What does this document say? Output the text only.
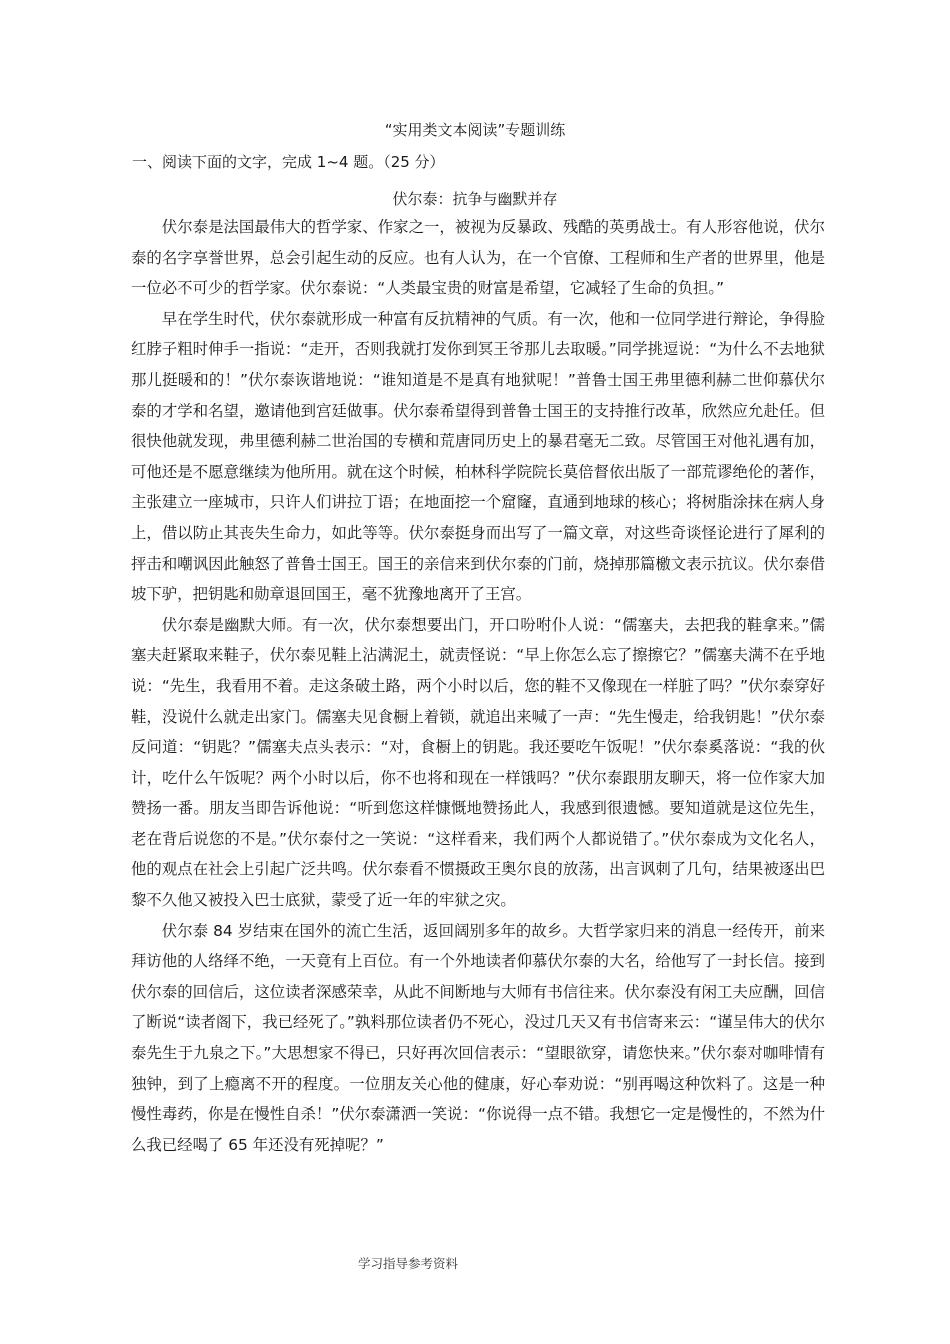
“实用类文本阅读”专题训练
一、阅读下面的文字，完成 1~4 题。（25 分）
伏尔泰：抗争与幽默并存

伏尔泰是法国最伟大的哲学家、作家之一，被视为反暴政、残酷的英勇战士。有人形容他说，伏尔泰的名字享誉世界，总会引起生动的反应。也有人认为，在一个官僚、工程师和生产者的世界里，他是一位必不可少的哲学家。伏尔泰说：“人类最宝贵的财富是希望，它减轻了生命的负担。”

早在学生时代，伏尔泰就形成一种富有反抗精神的气质。有一次，他和一位同学进行辩论，争得脸红脖子粗时伸手一指说：“走开，否则我就打发你到冥王爷那儿去取暖。”同学挑逗说：“为什么不去地狱那儿挺暖和的！”伏尔泰诙谐地说：“谁知道是不是真有地狱呢！”普鲁士国王弗里德利赫二世仰慕伏尔泰的才学和名望，邀请他到宫廷做事。伏尔泰希望得到普鲁士国王的支持推行改革，欣然应允赴任。但很快他就发现，弗里德利赫二世治国的专横和荒唐同历史上的暴君毫无二致。尽管国王对他礼遇有加，可他还是不愿意继续为他所用。就在这个时候，柏林科学院院长莫倍督依出版了一部荒谬绝伦的著作，主张建立一座城市，只许人们讲拉丁语；在地面挖一个窟窿，直通到地球的核心；将树脂涂抹在病人身上，借以防止其丧失生命力，如此等等。伏尔泰挺身而出写了一篇文章，对这些奇谈怪论进行了犀利的抨击和嘲讽因此触怒了普鲁士国王。国王的亲信来到伏尔泰的门前，烧掉那篇檄文表示抗议。伏尔泰借坡下驴，把钥匙和勋章退回国王，毫不犹豫地离开了王宫。

伏尔泰是幽默大师。有一次，伏尔泰想要出门，开口吩咐仆人说：“儒塞夫，去把我的鞋拿来。”儒塞夫赶紧取来鞋子，伏尔泰见鞋上沾满泥土，就责怪说：“早上你怎么忘了擦擦它？”儒塞夫满不在乎地说：“先生，我看用不着。走这条破土路，两个小时以后，您的鞋不又像现在一样脏了吗？”伏尔泰穿好鞋，没说什么就走出家门。儒塞夫见食橱上着锁，就追出来喊了一声：“先生慢走，给我钥匙！”伏尔泰反问道：“钥匙？”儒塞夫点头表示：“对，食橱上的钥匙。我还要吃午饭呢！”伏尔泰奚落说：“我的伙计，吃什么午饭呢？两个小时以后，你不也将和现在一样饿吗？”伏尔泰跟朋友聊天，将一位作家大加赞扬一番。朋友当即告诉他说：“听到您这样慷慨地赞扬此人，我感到很遗憾。要知道就是这位先生，老在背后说您的不是。”伏尔泰付之一笑说：“这样看来，我们两个人都说错了。”伏尔泰成为文化名人，他的观点在社会上引起广泛共鸣。伏尔泰看不惯摄政王奥尔良的放荡，出言讽刺了几句，结果被逐出巴黎不久他又被投入巴士底狱，蒙受了近一年的牢狱之灾。

伏尔泰 84 岁结束在国外的流亡生活，返回阔别多年的故乡。大哲学家归来的消息一经传开，前来拜访他的人络绎不绝，一天竟有上百位。有一个外地读者仰慕伏尔泰的大名，给他写了一封长信。接到伏尔泰的回信后，这位读者深感荣幸，从此不间断地与大师有书信往来。伏尔泰没有闲工夫应酬，回信了断说“读者阁下，我已经死了。”孰料那位读者仍不死心，没过几天又有书信寄来云：“谨呈伟大的伏尔泰先生于九泉之下。”大思想家不得已，只好再次回信表示：“望眼欲穿，请您快来。”伏尔泰对咖啡情有独钟，到了上瘾离不开的程度。一位朋友关心他的健康，好心奉劝说：“别再喝这种饮料了。这是一种慢性毒药，你是在慢性自杀！”伏尔泰潇洒一笑说：“你说得一点不错。我想它一定是慢性的，不然为什么我已经喝了 65 年还没有死掉呢？”

学习指导参考资料
